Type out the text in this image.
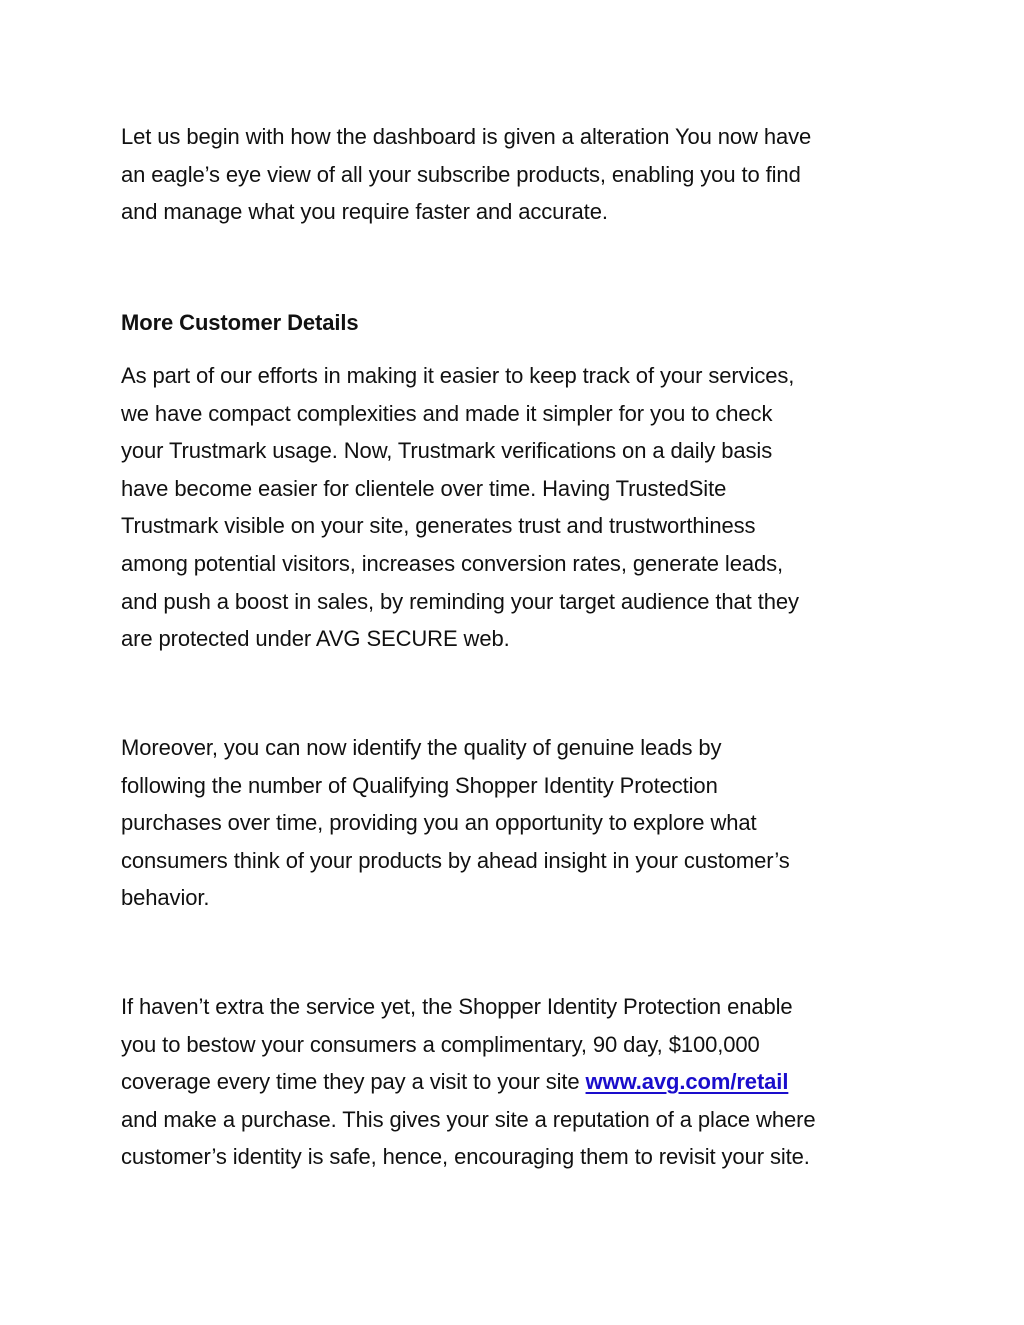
Let us begin with how the dashboard is given a alteration You now have
an eagle’s eye view of all your subscribe products, enabling you to find
and manage what you require faster and accurate.

More Customer Details

As part of our efforts in making it easier to keep track of your services,
we have compact complexities and made it simpler for you to check
your Trustmark usage. Now, Trustmark verifications on a daily basis
have become easier for clientele over time. Having TrustedSite
Trustmark visible on your site, generates trust and trustworthiness
among potential visitors, increases conversion rates, generate leads,
and push a boost in sales, by reminding your target audience that they
are protected under AVG SECURE web.

Moreover, you can now identify the quality of genuine leads by
following the number of Qualifying Shopper Identity Protection
purchases over time, providing you an opportunity to explore what
consumers think of your products by ahead insight in your customer’s
behavior.

If haven’t extra the service yet, the Shopper Identity Protection enable
you to bestow your consumers a complimentary, 90 day, $100,000
coverage every time they pay a visit to your site www.avg.com/retail
and make a purchase. This gives your site a reputation of a place where
customer’s identity is safe, hence, encouraging them to revisit your site.
